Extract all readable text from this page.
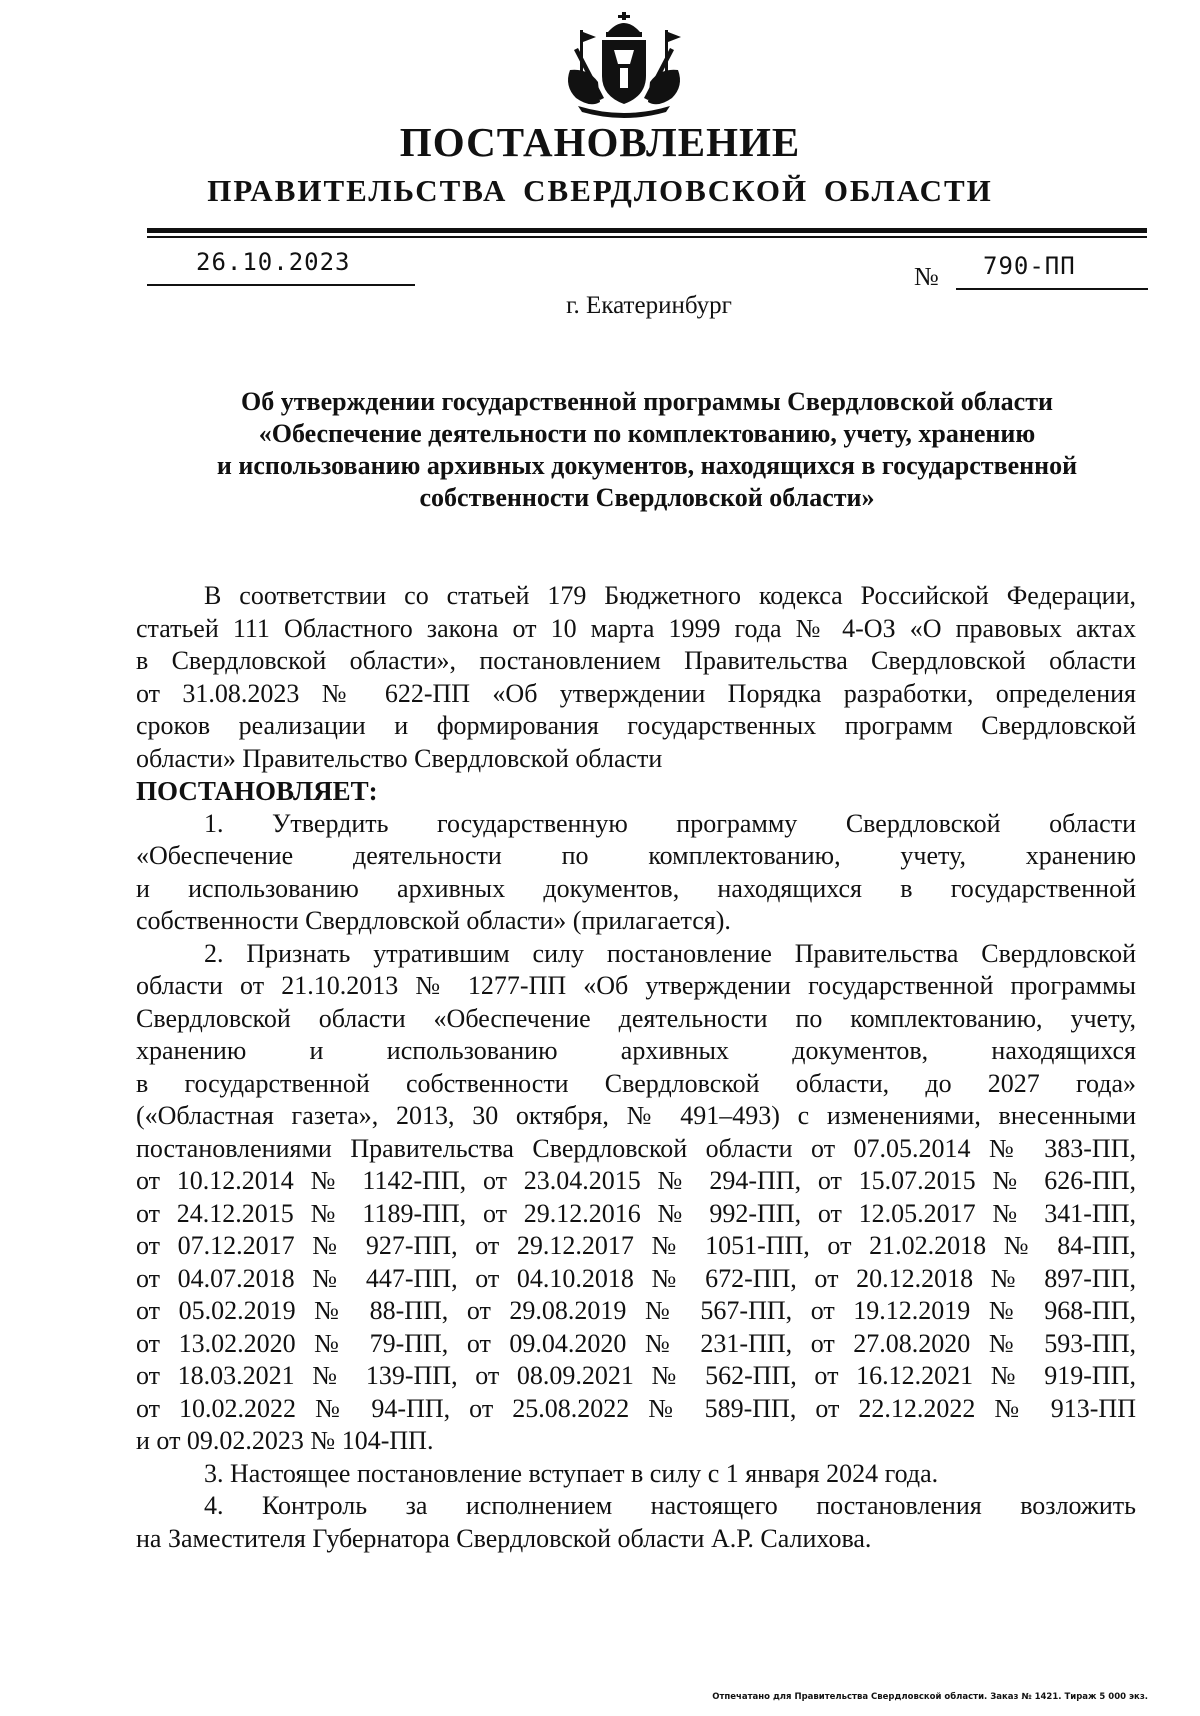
ПОСТАНОВЛЕНИЕ
ПРАВИТЕЛЬСТВА СВЕРДЛОВСКОЙ ОБЛАСТИ
26.10.2023	№ 790-ПП
г. Екатеринбург
Об утверждении государственной программы Свердловской области
«Обеспечение деятельности по комплектованию, учету, хранению
и использованию архивных документов, находящихся в государственной
собственности Свердловской области»
В соответствии со статьей 179 Бюджетного кодекса Российской Федерации,
статьей 111 Областного закона от 10 марта 1999 года № 4-ОЗ «О правовых актах
в Свердловской области», постановлением Правительства Свердловской области
от 31.08.2023 № 622-ПП «Об утверждении Порядка разработки, определения
сроков реализации и формирования государственных программ Свердловской
области» Правительство Свердловской области
ПОСТАНОВЛЯЕТ:
1. Утвердить государственную программу Свердловской области
«Обеспечение деятельности по комплектованию, учету, хранению
и использованию архивных документов, находящихся в государственной
собственности Свердловской области» (прилагается).
2. Признать утратившим силу постановление Правительства Свердловской
области от 21.10.2013 № 1277-ПП «Об утверждении государственной программы
Свердловской области «Обеспечение деятельности по комплектованию, учету,
хранению и использованию архивных документов, находящихся
в государственной собственности Свердловской области, до 2027 года»
(«Областная газета», 2013, 30 октября, № 491–493) с изменениями, внесенными
постановлениями Правительства Свердловской области от 07.05.2014 № 383-ПП,
от 10.12.2014 № 1142-ПП, от 23.04.2015 № 294-ПП, от 15.07.2015 № 626-ПП,
от 24.12.2015 № 1189-ПП, от 29.12.2016 № 992-ПП, от 12.05.2017 № 341-ПП,
от 07.12.2017 № 927-ПП, от 29.12.2017 № 1051-ПП, от 21.02.2018 № 84-ПП,
от 04.07.2018 № 447-ПП, от 04.10.2018 № 672-ПП, от 20.12.2018 № 897-ПП,
от 05.02.2019 № 88-ПП, от 29.08.2019 № 567-ПП, от 19.12.2019 № 968-ПП,
от 13.02.2020 № 79-ПП, от 09.04.2020 № 231-ПП, от 27.08.2020 № 593-ПП,
от 18.03.2021 № 139-ПП, от 08.09.2021 № 562-ПП, от 16.12.2021 № 919-ПП,
от 10.02.2022 № 94-ПП, от 25.08.2022 № 589-ПП, от 22.12.2022 № 913-ПП
и от 09.02.2023 № 104-ПП.
3. Настоящее постановление вступает в силу с 1 января 2024 года.
4. Контроль за исполнением настоящего постановления возложить
на Заместителя Губернатора Свердловской области А.Р. Салихова.
Отпечатано для Правительства Свердловской области. Заказ № 1421. Тираж 5 000 экз.
